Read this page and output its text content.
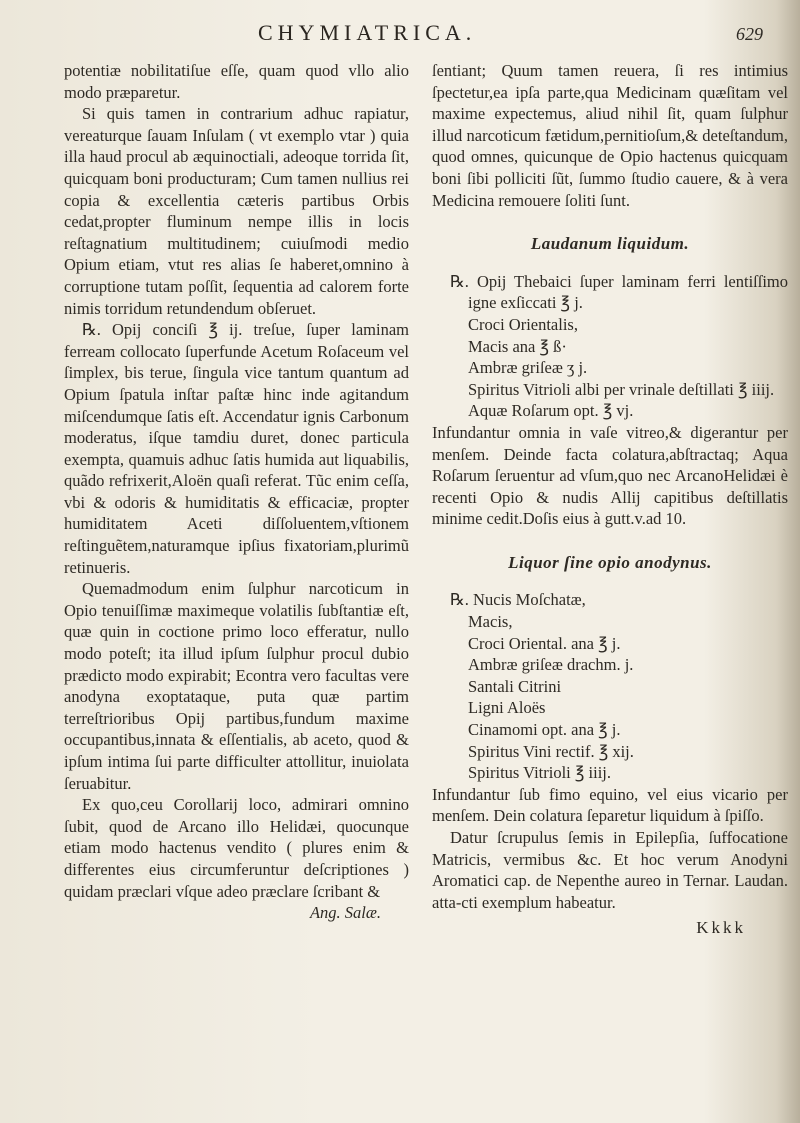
CHYMIATRICA.	629

potentiæ nobilitatiſue eſſe, quam quod vllo alio modo præparetur.

Si quis tamen in contrarium adhuc rapiatur, vereaturque ſauam Inſulam ( vt exemplo vtar ) quia illa haud procul ab æquinoctiali, adeoque torrida ſit, quicquam boni producturam; Cum tamen nullius rei copia & excellentia cæteris partibus Orbis cedat,propter fluminum nempe illis in locis reſtagnatium multitudinem; cuiuſmodi medio Opium etiam, vtut res alias ſe haberet,omnino à corruptione tutam poſſit, ſequentia ad calorem forte nimis torridum retundendum obſeruet.

℞. Opij conciſi ℥ ij. treſue, ſuper laminam ferream collocato ſuperfunde Acetum Roſaceum vel ſimplex, bis terue, ſingula vice tantum quantum ad Opium ſpatula inſtar paſtæ hinc inde agitandum miſcendumque ſatis eſt. Accendatur ignis Carbonum moderatus, iſque tamdiu duret, donec particula exempta, quamuis adhuc ſatis humida aut liquabilis, quãdo refrixerit,Aloën quaſi referat. Tũc enim ceſſa, vbi & odoris & humiditatis & efficaciæ, propter humiditatem Aceti diſſoluentem,vſtionem reſtinguẽtem,naturamque ipſius fixatoriam,plurimũ retinueris.

Quemadmodum enim ſulphur narcoticum in Opio tenuiſſimæ maximeque volatilis ſubſtantiæ eſt, quæ quin in coctione primo loco efferatur, nullo modo poteſt; ita illud ipſum ſulphur procul dubio prædicto modo expirabit; Econtra vero facultas vere anodyna exoptataque, puta quæ partim terreſtrioribus Opij partibus,fundum maxime occupantibus,innata & eſſentialis, ab aceto, quod & ipſum intima ſui parte difficulter attollitur, inuiolata ſeruabitur.

Ex quo,ceu Corollarij loco, admirari omnino ſubit, quod de Arcano illo Helidæi, quocunque etiam modo hactenus vendito ( plures enim & differentes eius circumferuntur deſcriptiones ) quidam præclari vſque adeo præclare ſcribant &

Ang. Salæ.

ſentiant; Quum tamen reuera, ſi res intimius ſpectetur,ea ipſa parte,qua Medicinam quæſitam vel maxime expectemus, aliud nihil ſit, quam ſulphur illud narcoticum fætidum,pernitioſum,& deteſtandum, quod omnes, quicunque de Opio hactenus quicquam boni ſibi polliciti ſũt, ſummo ſtudio cauere, & à vera Medicina remouere ſoliti ſunt.

Laudanum liquidum.

℞. Opij Thebaici ſuper laminam ferri lentiſſimo igne exſiccati ℥ j.
Croci Orientalis,
Macis ana ℥ ß·
Ambræ griſeæ ʒ j.
Spiritus Vitrioli albi per vrinale deſtillati ℥ iiij.
Aquæ Roſarum opt. ℥ vj.

Infundantur omnia in vaſe vitreo,& digerantur per menſem. Deinde facta colatura,abſtractaq; Aqua Roſarum ſeruentur ad vſum,quo nec ArcanoHelidæi è recenti Opio & nudis Allij capitibus deſtillatis minime cedit.Doſis eius à gutt.v.ad 10.

Liquor ſine opio anodynus.

℞. Nucis Moſchatæ,
Macis,
Croci Oriental. ana ℥ j.
Ambræ griſeæ drachm. j.
Santali Citrini
Ligni Aloës
Cinamomi opt. ana ℥ j.
Spiritus Vini rectif. ℥ xij.
Spiritus Vitrioli ℥ iiij.

Infundantur ſub fimo equino, vel eius vicario per menſem. Dein colatura ſeparetur liquidum à ſpiſſo.

Datur ſcrupulus ſemis in Epilepſia, ſuffocatione Matricis, vermibus &c. Et hoc verum Anodyni Aromatici cap. de Nepenthe aureo in Ternar. Laudan. atta-cti exemplum habeatur.

Kkkk
